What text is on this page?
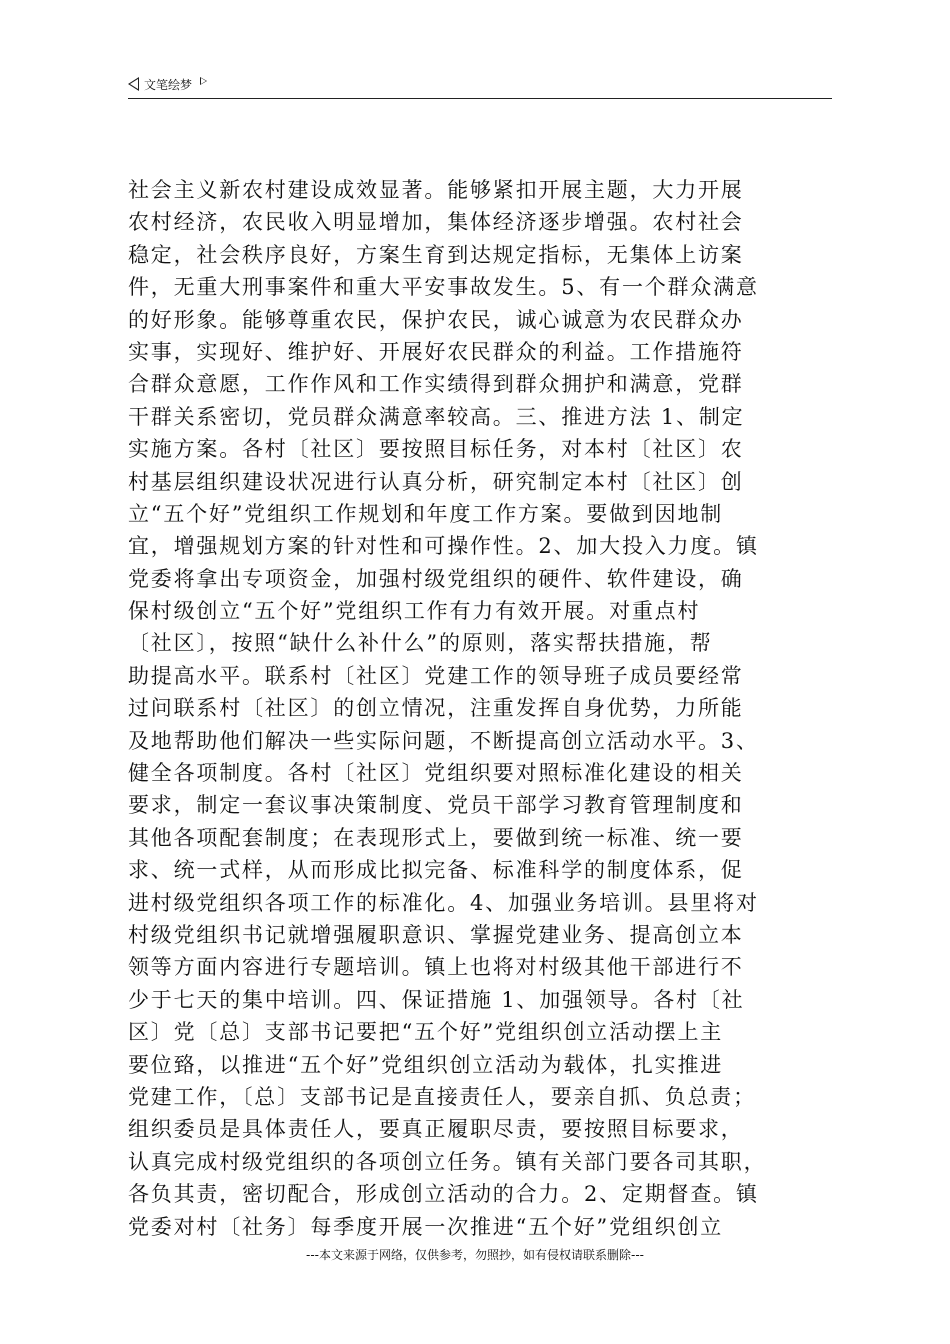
文笔绘梦
社会主义新农村建设成效显著。能够紧扣开展主题，大力开展
农村经济，农民收入明显增加，集体经济逐步增强。农村社会
稳定，社会秩序良好，方案生育到达规定指标，无集体上访案
件，无重大刑事案件和重大平安事故发生。5、有一个群众满意
的好形象。能够尊重农民，保护农民，诚心诚意为农民群众办
实事，实现好、维护好、开展好农民群众的利益。工作措施符
合群众意愿，工作作风和工作实绩得到群众拥护和满意，党群
干群关系密切，党员群众满意率较高。三、推进方法 1、制定
实施方案。各村〔社区〕要按照目标任务，对本村〔社区〕农
村基层组织建设状况进行认真分析，研究制定本村〔社区〕创
立“五个好”党组织工作规划和年度工作方案。要做到因地制
宜，增强规划方案的针对性和可操作性。2、加大投入力度。镇
党委将拿出专项资金，加强村级党组织的硬件、软件建设，确
保村级创立“五个好”党组织工作有力有效开展。对重点村
〔社区〕，按照“缺什么补什么”的原则，落实帮扶措施，帮
助提高水平。联系村〔社区〕党建工作的领导班子成员要经常
过问联系村〔社区〕的创立情况，注重发挥自身优势，力所能
及地帮助他们解决一些实际问题，不断提高创立活动水平。3、
健全各项制度。各村〔社区〕党组织要对照标准化建设的相关
要求，制定一套议事决策制度、党员干部学习教育管理制度和
其他各项配套制度；在表现形式上，要做到统一标准、统一要
求、统一式样，从而形成比拟完备、标准科学的制度体系，促
进村级党组织各项工作的标准化。4、加强业务培训。县里将对
村级党组织书记就增强履职意识、掌握党建业务、提高创立本
领等方面内容进行专题培训。镇上也将对村级其他干部进行不
少于七天的集中培训。四、保证措施 1、加强领导。各村〔社
区〕党〔总〕支部书记要把“五个好”党组织创立活动摆上主
要位臵，以推进“五个好”党组织创立活动为载体，扎实推进
党建工作，〔总〕支部书记是直接责任人，要亲自抓、负总责；
组织委员是具体责任人，要真正履职尽责，要按照目标要求，
认真完成村级党组织的各项创立任务。镇有关部门要各司其职，
各负其责，密切配合，形成创立活动的合力。2、定期督查。镇
党委对村〔社务〕每季度开展一次推进“五个好”党组织创立
---本文来源于网络，仅供参考，勿照抄，如有侵权请联系删除---
